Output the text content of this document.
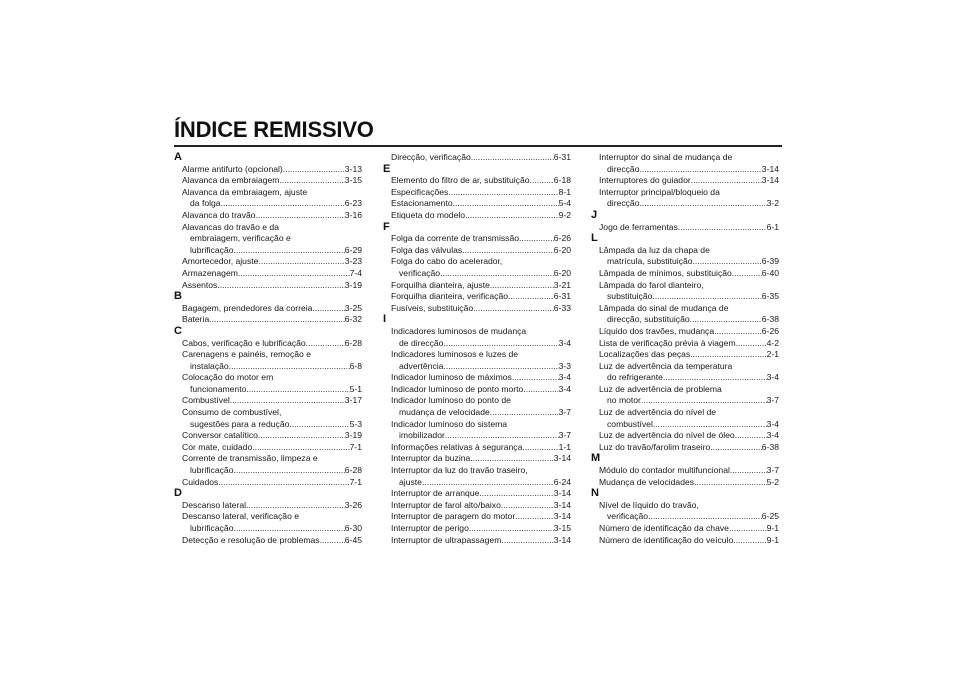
ÍNDICE REMISSIVO
A
Alarme antifurto (opcional) .....	3-13
Alavanca da embraiagem .....	3-15
Alavanca da embraiagem, ajuste
da folga .....	6-23
Alavanca do travão .....	3-16
Alavancas do travão e da
embraiagem, verificação e
lubrificação .....	6-29
Amortecedor, ajuste .....	3-23
Armazenagem .....	7-4
Assentos .....	3-19
B
Bagagem, prendedores da correia .....	3-25
Bateria .....	6-32
C
Cabos, verificação e lubrificação .....	6-28
Carenagens e painéis, remoção e
instalação .....	6-8
Colocação do motor em
funcionamento .....	5-1
Combustível .....	3-17
Consumo de combustível,
sugestões para a redução .....	5-3
Conversor catalítico .....	3-19
Cor mate, cuidado .....	7-1
Corrente de transmissão, limpeza e
lubrificação .....	6-28
Cuidados .....	7-1
D
Descanso lateral .....	3-26
Descanso lateral, verificação e
lubrificação .....	6-30
Detecção e resolução de problemas .....	6-45
Direcção, verificação .....	6-31
E
Elemento do filtro de ar, substituição .....	6-18
Especificações .....	8-1
Estacionamento .....	5-4
Etiqueta do modelo .....	9-2
F
Folga da corrente de transmissão .....	6-26
Folga das válvulas .....	6-20
Folga do cabo do acelerador,
verificação .....	6-20
Forquilha dianteira, ajuste .....	3-21
Forquilha dianteira, verificação .....	6-31
Fusíveis, substituição .....	6-33
I
Indicadores luminosos de mudança
de direcção .....	3-4
Indicadores luminosos e luzes de
advertência .....	3-3
Indicador luminoso de máximos .....	3-4
Indicador luminoso de ponto morto .....	3-4
Indicador luminoso do ponto de
mudança de velocidade .....	3-7
Indicador luminoso do sistema
imobilizador .....	3-7
Informações relativas à segurança .....	1-1
Interruptor da buzina .....	3-14
Interruptor da luz do travão traseiro,
ajuste .....	6-24
Interruptor de arranque .....	3-14
Interruptor de farol alto/baixo .....	3-14
Interruptor de paragem do motor .....	3-14
Interruptor de perigo .....	3-15
Interruptor de ultrapassagem .....	3-14
Interruptor do sinal de mudança de
direcção .....	3-14
Interruptores do guiador .....	3-14
Interruptor principal/bloqueio da
direcção .....	3-2
J
Jogo de ferramentas .....	6-1
L
Lâmpada da luz da chapa de
matrícula, substituição .....	6-39
Lâmpada de mínimos, substituição .....	6-40
Lâmpada do farol dianteiro,
substituição .....	6-35
Lâmpada do sinal de mudança de
direcção, substituição .....	6-38
Líquido dos travões, mudança .....	6-26
Lista de verificação prévia à viagem .....	4-2
Localizações das peças .....	2-1
Luz de advertência da temperatura
do refrigerante .....	3-4
Luz de advertência de problema
no motor .....	3-7
Luz de advertência do nível de
combustível .....	3-4
Luz de advertência do nível de óleo .....	3-4
Luz do travão/farolim traseiro .....	6-38
M
Módulo do contador multifuncional .....	3-7
Mudança de velocidades .....	5-2
N
Nível de líquido do travão,
verificação .....	6-25
Número de identificação da chave .....	9-1
Número de identificação do veículo .....	9-1
